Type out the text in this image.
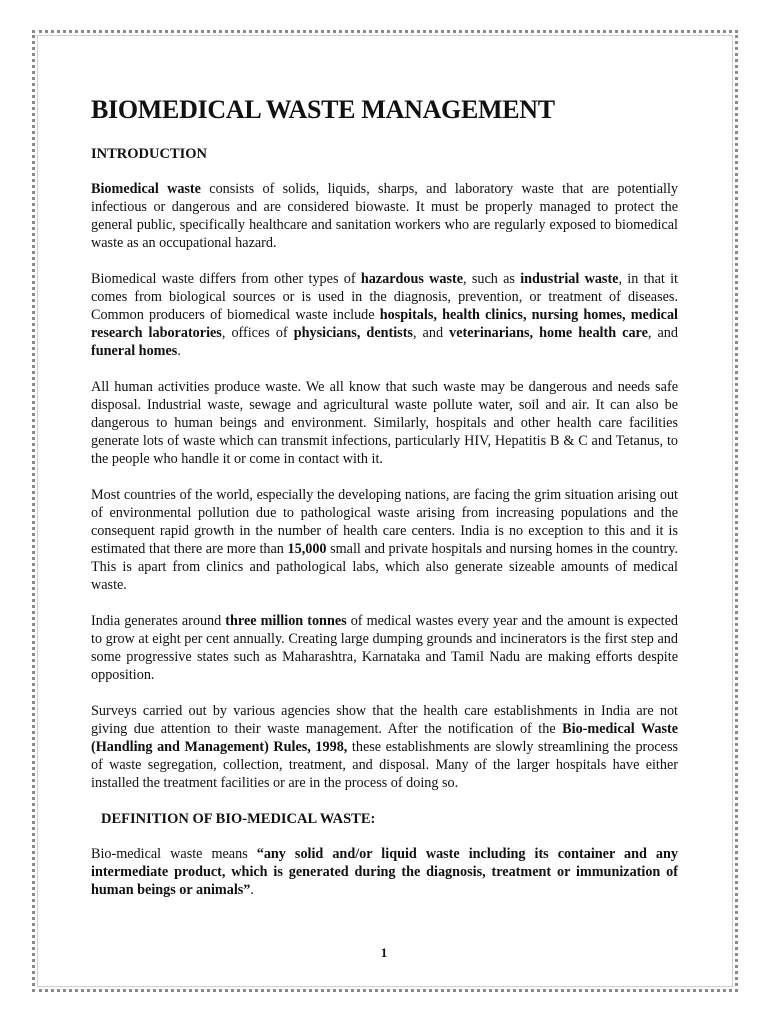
BIOMEDICAL WASTE MANAGEMENT
INTRODUCTION

Biomedical waste consists of solids, liquids, sharps, and laboratory waste that are potentially infectious or dangerous and are considered biowaste. It must be properly managed to protect the general public, specifically healthcare and sanitation workers who are regularly exposed to biomedical waste as an occupational hazard.

Biomedical waste differs from other types of hazardous waste, such as industrial waste, in that it comes from biological sources or is used in the diagnosis, prevention, or treatment of diseases. Common producers of biomedical waste include hospitals, health clinics, nursing homes, medical research laboratories, offices of physicians, dentists, and veterinarians, home health care, and funeral homes.

All human activities produce waste. We all know that such waste may be dangerous and needs safe disposal. Industrial waste, sewage and agricultural waste pollute water, soil and air. It can also be dangerous to human beings and environment. Similarly, hospitals and other health care facilities generate lots of waste which can transmit infections, particularly HIV, Hepatitis B & C and Tetanus, to the people who handle it or come in contact with it.

Most countries of the world, especially the developing nations, are facing the grim situation arising out of environmental pollution due to pathological waste arising from increasing populations and the consequent rapid growth in the number of health care centers. India is no exception to this and it is estimated that there are more than 15,000 small and private hospitals and nursing homes in the country. This is apart from clinics and pathological labs, which also generate sizeable amounts of medical waste.

India generates around three million tonnes of medical wastes every year and the amount is expected to grow at eight per cent annually. Creating large dumping grounds and incinerators is the first step and some progressive states such as Maharashtra, Karnataka and Tamil Nadu are making efforts despite opposition.

Surveys carried out by various agencies show that the health care establishments in India are not giving due attention to their waste management. After the notification of the Bio-medical Waste (Handling and Management) Rules, 1998, these establishments are slowly streamlining the process of waste segregation, collection, treatment, and disposal. Many of the larger hospitals have either installed the treatment facilities or are in the process of doing so.

DEFINITION OF BIO-MEDICAL WASTE:

Bio-medical waste means “any solid and/or liquid waste including its container and any intermediate product, which is generated during the diagnosis, treatment or immunization of human beings or animals”.

1
